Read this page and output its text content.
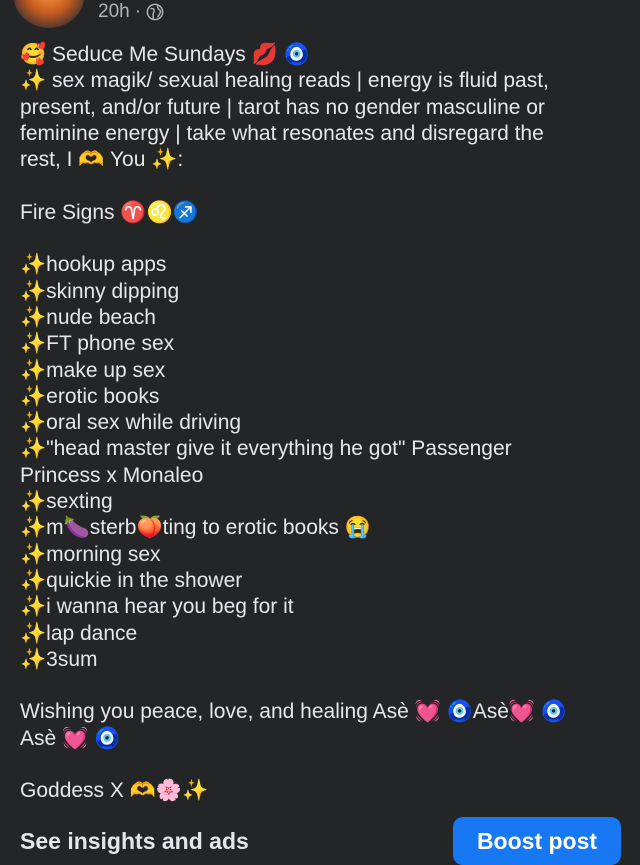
20h ·
🥰 Seduce Me Sundays 💋 🧿
✨ sex magik/ sexual healing reads | energy is fluid past,
present, and/or future | tarot has no gender masculine or
feminine energy | take what resonates and disregard the
rest, I 🫶 You ✨:
Fire Signs ♈♌♐
✨hookup apps
✨skinny dipping
✨nude beach
✨FT phone sex
✨make up sex
✨erotic books
✨oral sex while driving
✨"head master give it everything he got" Passenger
Princess x Monaleo
✨sexting
✨m🍆sterb🍑ting to erotic books 😭
✨morning sex
✨quickie in the shower
✨i wanna hear you beg for it
✨lap dance
✨3sum
Wishing you peace, love, and healing Asè 💓 🧿Asè💓 🧿
Asè 💓 🧿
Goddess X 🫶🌸✨
See insights and ads	Boost post
